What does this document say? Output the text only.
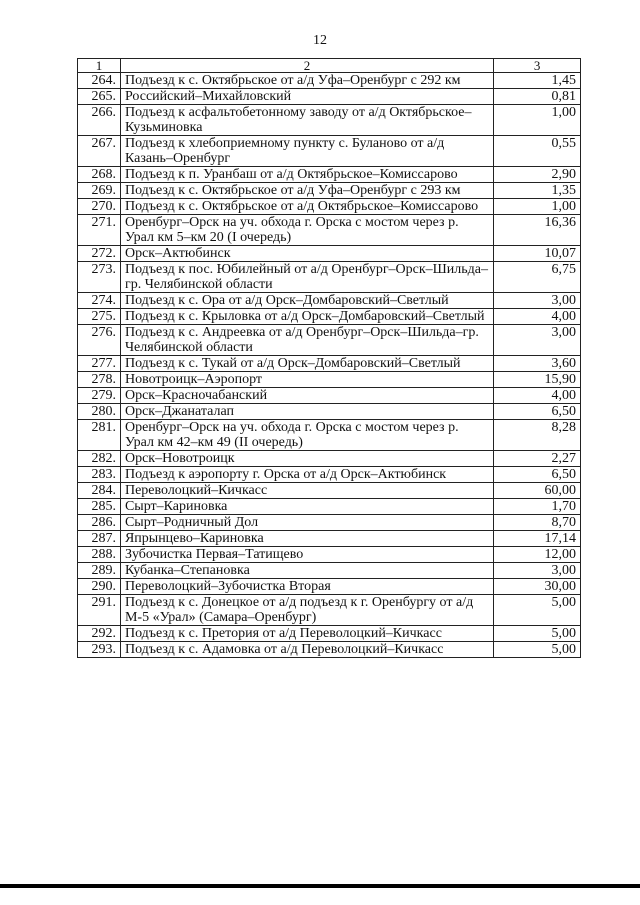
12
1	2	3
264.	Подъезд к с. Октябрьское от а/д Уфа–Оренбург с 292 км	1,45
265.	Российский–Михайловский	0,81
266.	Подъезд к асфальтобетонному заводу от а/д Октябрьское–Кузьминовка	1,00
267.	Подъезд к хлебоприемному пункту с. Буланово от а/д Казань–Оренбург	0,55
268.	Подъезд к п. Уранбаш от а/д Октябрьское–Комиссарово	2,90
269.	Подъезд к с. Октябрьское от а/д Уфа–Оренбург с 293 км	1,35
270.	Подъезд к с. Октябрьское от а/д Октябрьское–Комиссарово	1,00
271.	Оренбург–Орск на уч. обхода г. Орска с мостом через р. Урал км 5–км 20 (I очередь)	16,36
272.	Орск–Актюбинск	10,07
273.	Подъезд к пос. Юбилейный от а/д Оренбург–Орск–Шильда–гр. Челябинской области	6,75
274.	Подъезд к с. Ора от а/д Орск–Домбаровский–Светлый	3,00
275.	Подъезд к с. Крыловка от а/д Орск–Домбаровский–Светлый	4,00
276.	Подъезд к с. Андреевка от а/д Оренбург–Орск–Шильда–гр. Челябинской области	3,00
277.	Подъезд к с. Тукай от а/д Орск–Домбаровский–Светлый	3,60
278.	Новотроицк–Аэропорт	15,90
279.	Орск–Красночабанский	4,00
280.	Орск–Джанаталап	6,50
281.	Оренбург–Орск на уч. обхода г. Орска с мостом через р. Урал км 42–км 49 (II очередь)	8,28
282.	Орск–Новотроицк	2,27
283.	Подъезд к аэропорту г. Орска от а/д Орск–Актюбинск	6,50
284.	Переволоцкий–Кичкасс	60,00
285.	Сырт–Кариновка	1,70
286.	Сырт–Родничный Дол	8,70
287.	Япрынцево–Кариновка	17,14
288.	Зубочистка Первая–Татищево	12,00
289.	Кубанка–Степановка	3,00
290.	Переволоцкий–Зубочистка Вторая	30,00
291.	Подъезд к с. Донецкое от а/д подъезд к г. Оренбургу от а/д М-5 «Урал» (Самара–Оренбург)	5,00
292.	Подъезд к с. Претория от а/д Переволоцкий–Кичкасс	5,00
293.	Подъезд к с. Адамовка от а/д Переволоцкий–Кичкасс	5,00
